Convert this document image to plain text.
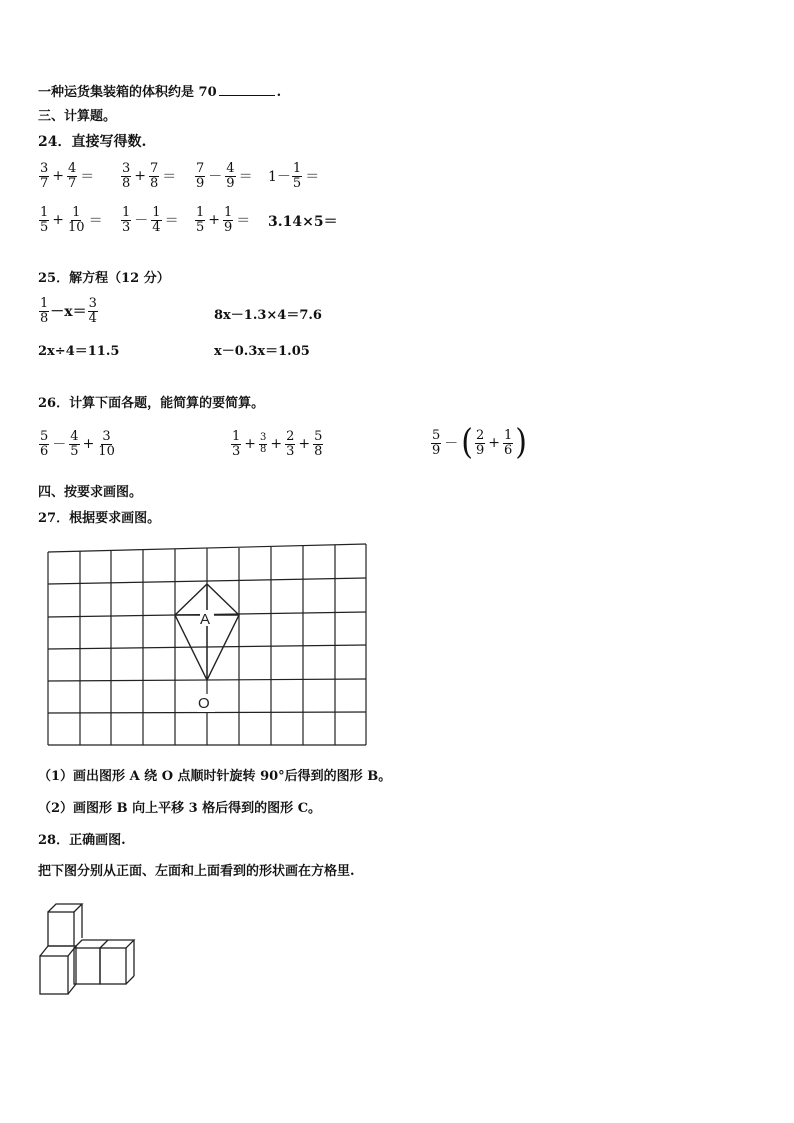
一种运货集装箱的体积约是 70	.
三、计算题。
24．直接写得数.
$\frac{3}{7} + \frac{4}{7} = \frac{3}{8} + \frac{7}{8} = \frac{7}{9} - \frac{4}{9} = 1- \frac{1}{5}$ ＝
$\frac{1}{5} + \frac{1}{10} = \frac{1}{3} - \frac{1}{4} = \frac{1}{5} + \frac{1}{9} = 3.14\times 5=$
25．解方程（12 分）
$\frac{1}{8} -x= \frac{3}{4}$	8x－1.3×4＝7.6
2x÷4＝11.5	x－0.3x＝1.05
26．计算下面各题，能简算的要简算。
$\frac{5}{6} - \frac{4}{5} + \frac{3}{10}$	$\frac{1}{3} + \frac{3}{8} + \frac{2}{3} + \frac{5}{8}$	$\frac{5}{9}$ － ( $\frac{2}{9} + \frac{1}{6}$ )
四、按要求画图。
27．根据要求画图。
A
O
（1）画出图形 A 绕 O 点顺时针旋转 90°后得到的图形 B。
（2）画图形 B 向上平移 3 格后得到的图形 C。
28．正确画图.
把下图分别从正面、左面和上面看到的形状画在方格里.
